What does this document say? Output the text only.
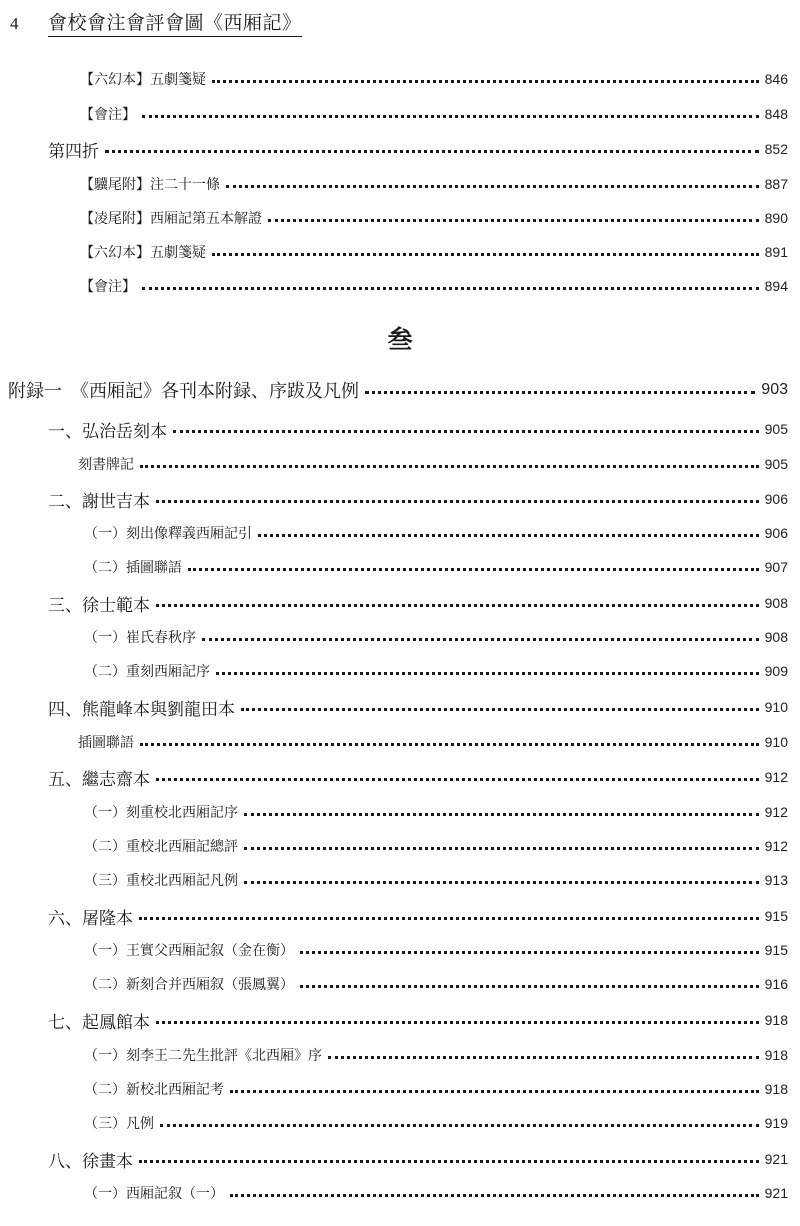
4 會校會注會評會圖《西厢記》
【六幻本】五劇箋疑	846
【會注】	848
第四折	852
【驥尾附】注二十一條	887
【凌尾附】西厢記第五本解證	890
【六幻本】五劇箋疑	891
【會注】	894
叁
附録一　《西厢記》各刊本附録、序跋及凡例	903
一、弘治岳刻本	905
刻書牌記	905
二、謝世吉本	906
（一）刻出像釋義西厢記引	906
（二）插圖聯語	907
三、徐士範本	908
（一）崔氏春秋序	908
（二）重刻西厢記序	909
四、熊龍峰本與劉龍田本	910
插圖聯語	910
五、繼志齋本	912
（一）刻重校北西厢記序	912
（二）重校北西厢記總評	912
（三）重校北西厢記凡例	913
六、屠隆本	915
（一）王實父西厢記叙（金在衡）	915
（二）新刻合并西厢叙（張鳳翼）	916
七、起鳳館本	918
（一）刻李王二先生批評《北西厢》序	918
（二）新校北西厢記考	918
（三）凡例	919
八、徐畫本	921
（一）西厢記叙（一）	921
